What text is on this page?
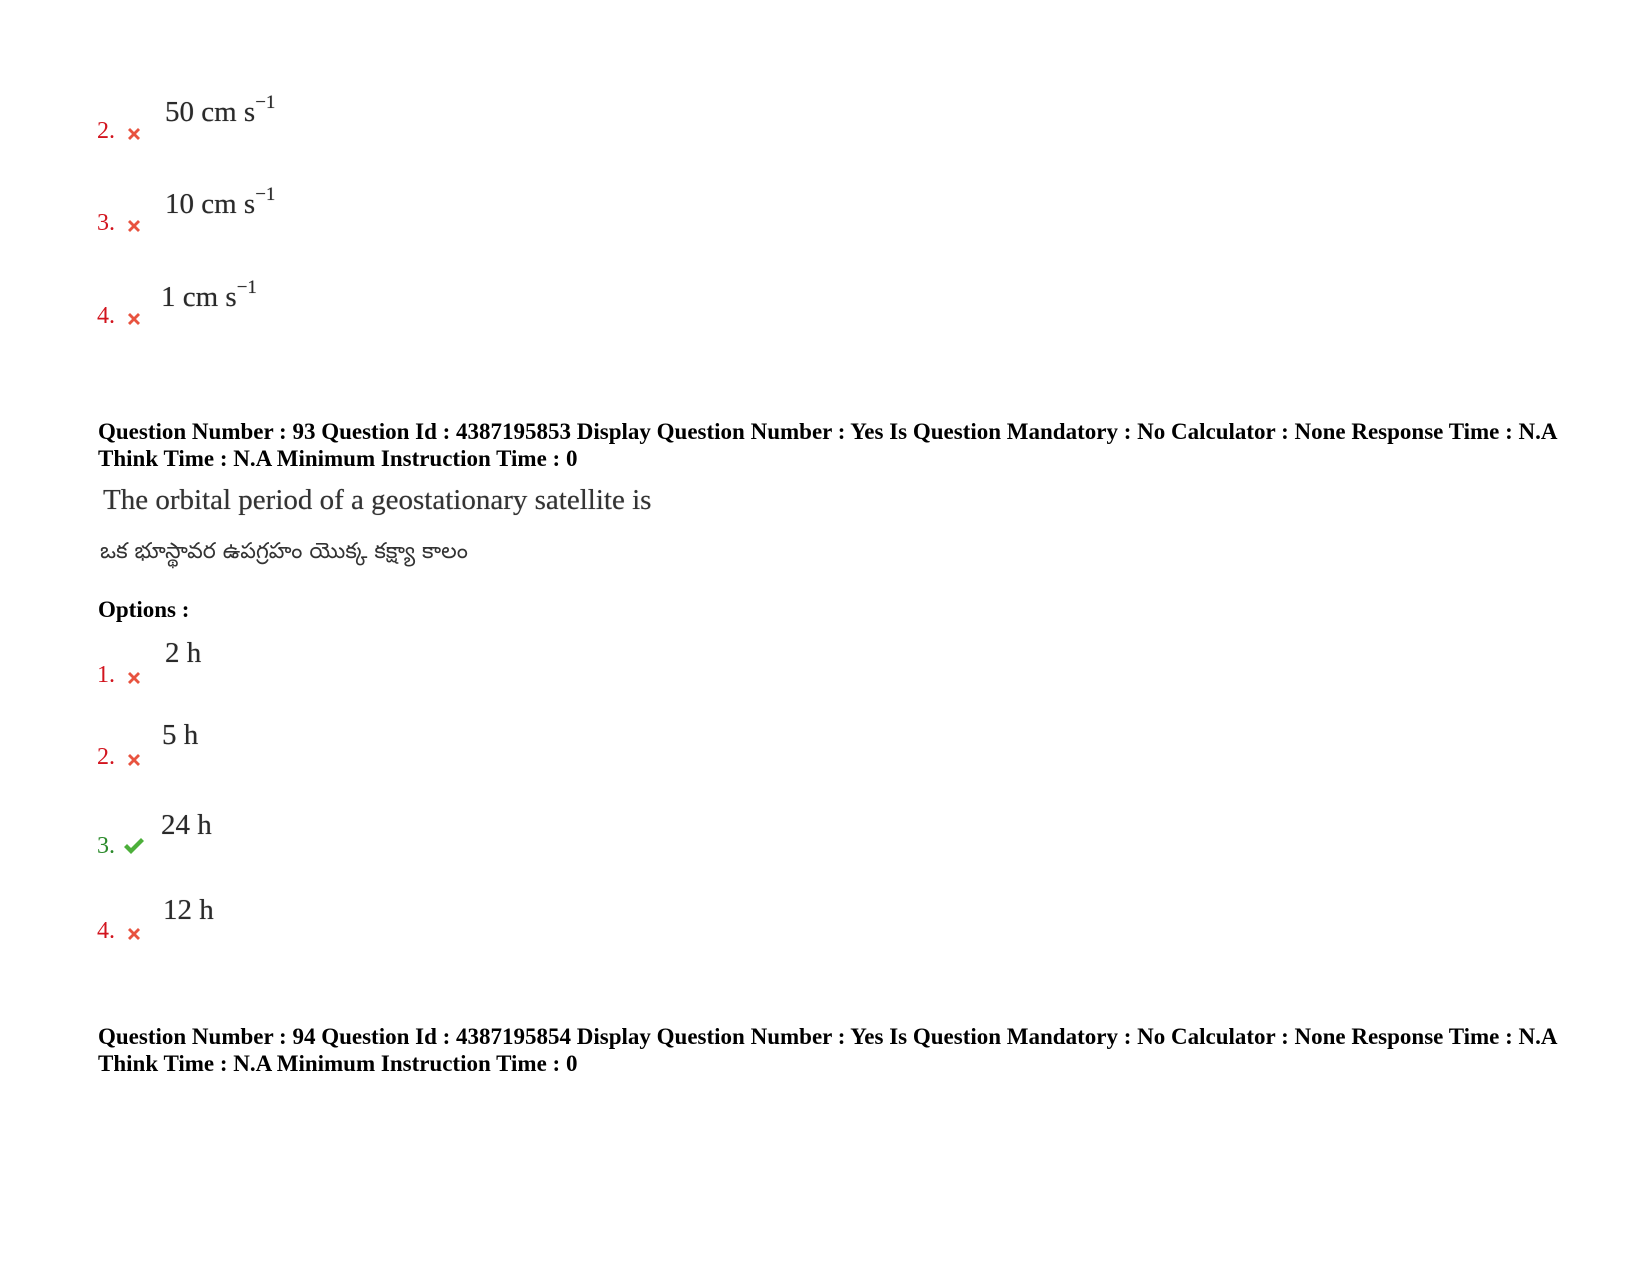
2.
50 cm $s^{-1}$
3.
10 cm $s^{-1}$
4.
1 cm $s^{-1}$
Question Number : 93 Question Id : 4387195853 Display Question Number : Yes Is Question Mandatory : No Calculator : None Response Time : N.A Think Time : N.A Minimum Instruction Time : 0
The orbital period of a geostationary satellite is
ఒక భూస్థావర ఉపగ్రహం యొక్క కక్ష్యా కాలం
Options :
1.
2 h
2.
5 h
3.
24 h
4.
12 h
Question Number : 94 Question Id : 4387195854 Display Question Number : Yes Is Question Mandatory : No Calculator : None Response Time : N.A Think Time : N.A Minimum Instruction Time : 0
